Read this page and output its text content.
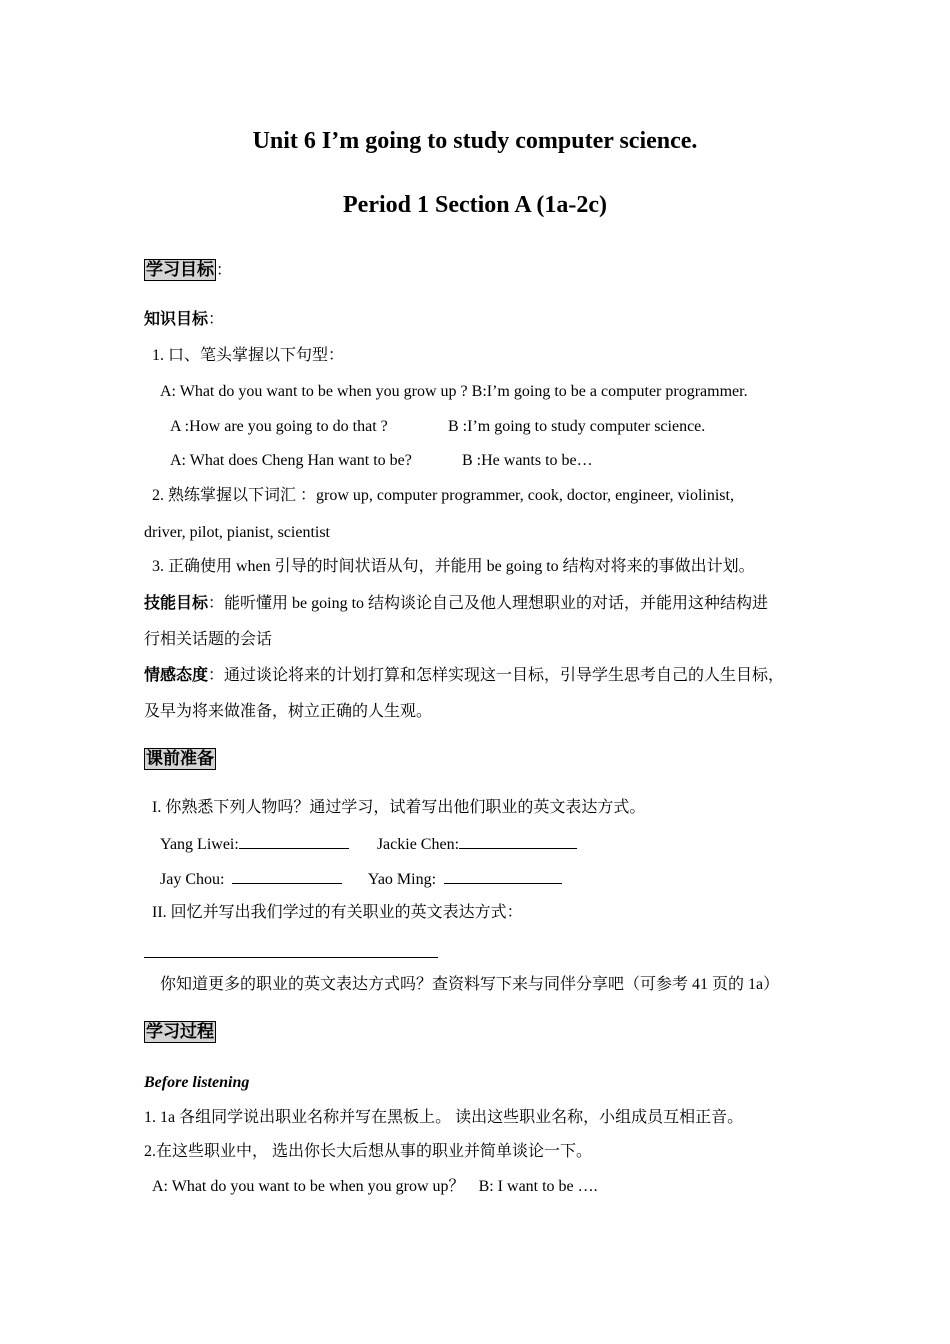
Unit 6 I’m going to study computer science.
Period 1 Section A (1a-2c)
学习目标 ：
知识目标：
1. 口、笔头掌握以下句型：
A: What do you want to be when you grow up ? B:I’m going to be a computer programmer.
A :How are you going to do that ?	B :I’m going to study computer science.
A: What does Cheng Han want to be?	B :He wants to be…
2. 熟练掌握以下词汇 ：grow up, computer programmer, cook, doctor, engineer, violinist,
driver, pilot, pianist, scientist
3. 正确使用 when 引导的时间状语从句，并能用 be going to 结构对将来的事做出计划。
技能目标：能听懂用 be going to 结构谈论自己及他人理想职业的对话，并能用这种结构进
行相关话题的会话
情感态度：通过谈论将来的计划打算和怎样实现这一目标，引导学生思考自己的人生目标，
及早为将来做准备，树立正确的人生观。
课前准备
I. 你熟悉下列人物吗？通过学习，试着写出他们职业的英文表达方式。
Yang Liwei:	Jackie Chen:
Jay Chou:	Yao Ming:
II. 回忆并写出我们学过的有关职业的英文表达方式：
你知道更多的职业的英文表达方式吗？查资料写下来与同伴分享吧（可参考 41 页的 1a）
学习过程
Before listening
1. 1a 各组同学说出职业名称并写在黑板上。 读出这些职业名称，小组成员互相正音。
2.在这些职业中， 选出你长大后想从事的职业并简单谈论一下。
A: What do you want to be when you grow up？ B: I want to be ….
